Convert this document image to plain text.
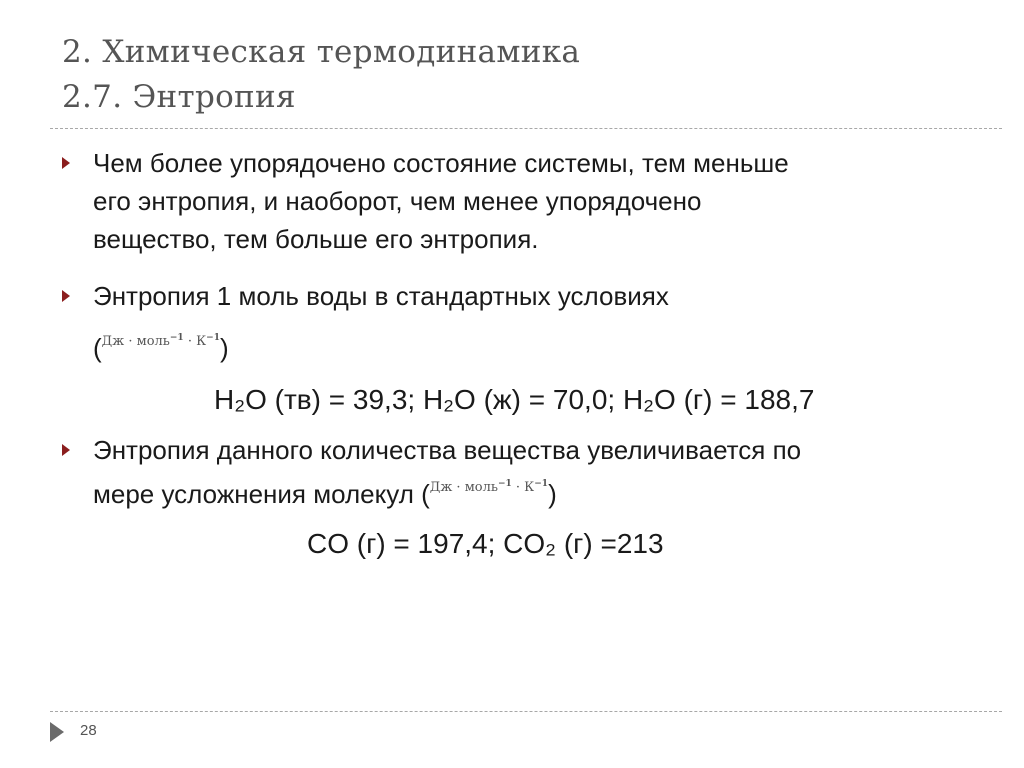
2. Химическая термодинамика
2.7. Энтропия
Чем более упорядочено состояние системы, тем меньше
его энтропия, и наоборот, чем менее упорядочено
вещество, тем больше его энтропия.
Энтропия 1 моль воды в стандартных условиях
(Дж · моль$^{-1}$ · $К^{-1}$)
H₂O (тв) = 39,3; H₂O (ж) = 70,0; H₂O (г) = 188,7
Энтропия данного количества вещества увеличивается по
мере усложнения молекул (Дж · моль$^{-1}$ · $К^{-1}$)
CO (г) = 197,4; CO₂ (г) =213
28
